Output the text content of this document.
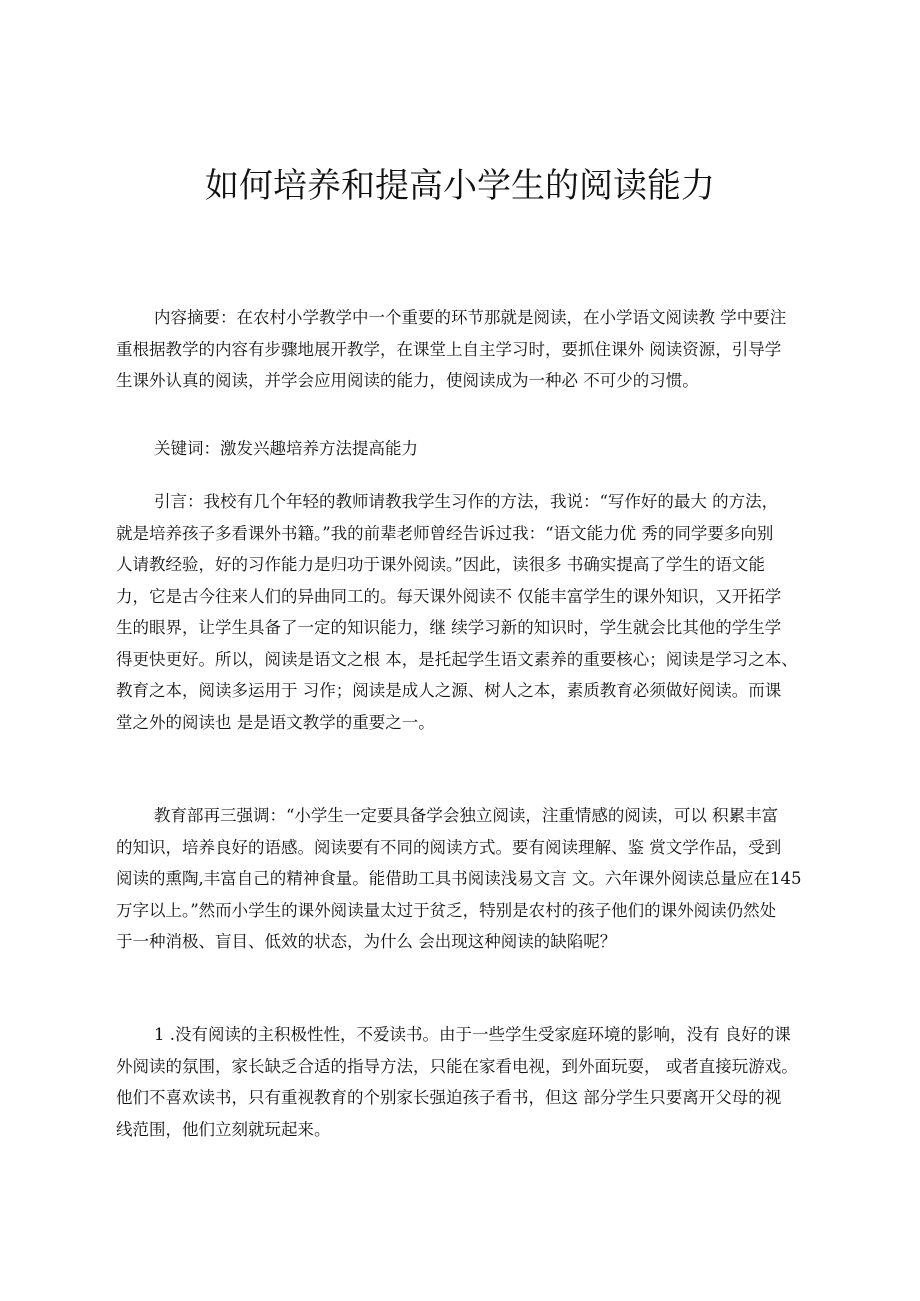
如何培养和提高小学生的阅读能力
内容摘要：在农村小学教学中一个重要的环节那就是阅读，在小学语文阅读教 学中要注
重根据教学的内容有步骤地展开教学，在课堂上自主学习时，要抓住课外 阅读资源，引导学
生课外认真的阅读，并学会应用阅读的能力，使阅读成为一种必 不可少的习惯。
关键词：激发兴趣培养方法提高能力
引言：我校有几个年轻的教师请教我学生习作的方法，我说：“写作好的最大 的方法，
就是培养孩子多看课外书籍。”我的前辈老师曾经告诉过我：“语文能力优 秀的同学要多向别
人请教经验，好的习作能力是归功于课外阅读。”因此，读很多 书确实提高了学生的语文能
力，它是古今往来人们的异曲同工的。每天课外阅读不 仅能丰富学生的课外知识，又开拓学
生的眼界，让学生具备了一定的知识能力，继 续学习新的知识时，学生就会比其他的学生学
得更快更好。所以，阅读是语文之根 本，是托起学生语文素养的重要核心；阅读是学习之本、
教育之本，阅读多运用于 习作；阅读是成人之源、树人之本，素质教育必须做好阅读。而课
堂之外的阅读也 是是语文教学的重要之一。
教育部再三强调：“小学生一定要具备学会独立阅读，注重情感的阅读，可以 积累丰富
的知识，培养良好的语感。阅读要有不同的阅读方式。要有阅读理解、鉴 赏文学作品，受到
阅读的熏陶,丰富自己的精神食量。能借助工具书阅读浅易文言 文。六年课外阅读总量应在145
万字以上。”然而小学生的课外阅读量太过于贫乏，特别是农村的孩子他们的课外阅读仍然处
于一种消极、盲目、低效的状态，为什么 会出现这种阅读的缺陷呢？
1 .没有阅读的主积极性性，不爱读书。由于一些学生受家庭环境的影响，没有 良好的课
外阅读的氛围，家长缺乏合适的指导方法，只能在家看电视，到外面玩耍， 或者直接玩游戏。
他们不喜欢读书，只有重视教育的个别家长强迫孩子看书，但这 部分学生只要离开父母的视
线范围，他们立刻就玩起来。
